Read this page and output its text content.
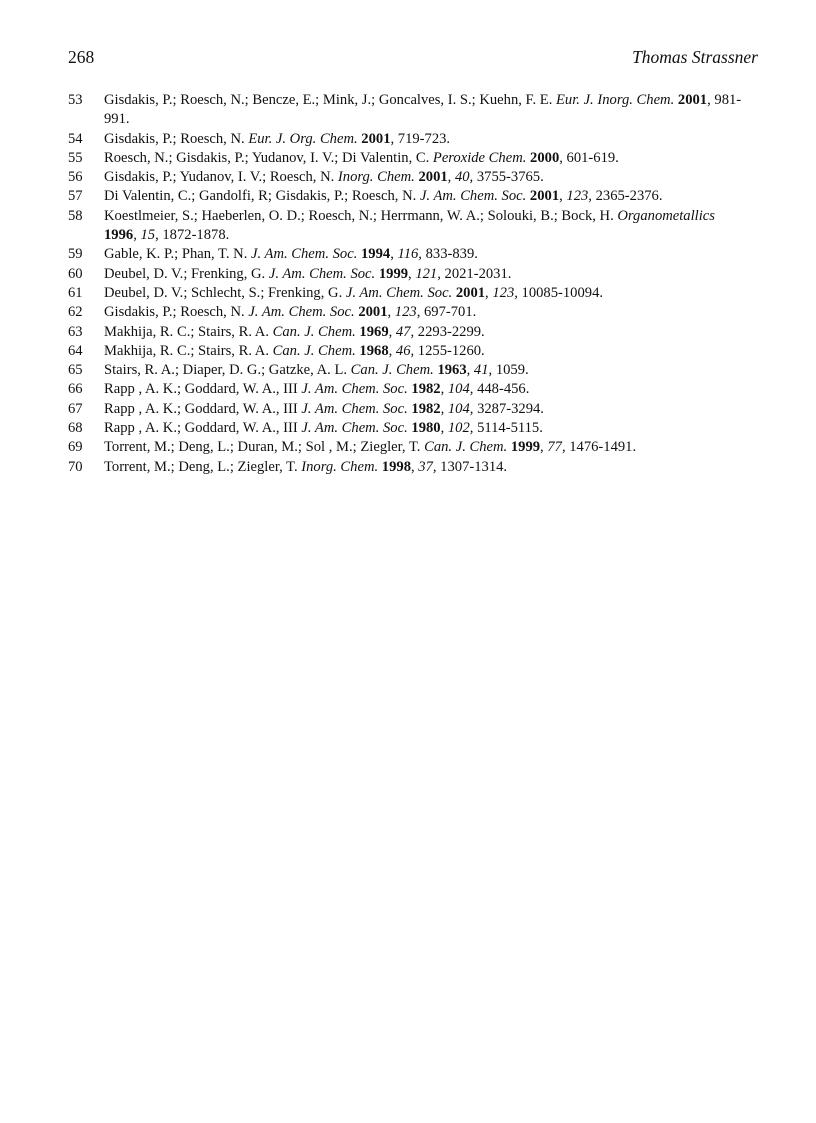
268	Thomas Strassner
53	Gisdakis, P.; Roesch, N.; Bencze, E.; Mink, J.; Goncalves, I. S.; Kuehn, F. E. Eur. J. Inorg. Chem. 2001, 981-991.
54	Gisdakis, P.; Roesch, N. Eur. J. Org. Chem. 2001, 719-723.
55	Roesch, N.; Gisdakis, P.; Yudanov, I. V.; Di Valentin, C. Peroxide Chem. 2000, 601-619.
56	Gisdakis, P.; Yudanov, I. V.; Roesch, N. Inorg. Chem. 2001, 40, 3755-3765.
57	Di Valentin, C.; Gandolfi, R; Gisdakis, P.; Roesch, N. J. Am. Chem. Soc. 2001, 123, 2365-2376.
58	Koestlmeier, S.; Haeberlen, O. D.; Roesch, N.; Herrmann, W. A.; Solouki, B.; Bock, H. Organometallics 1996, 15, 1872-1878.
59	Gable, K. P.; Phan, T. N. J. Am. Chem. Soc. 1994, 116, 833-839.
60	Deubel, D. V.; Frenking, G. J. Am. Chem. Soc. 1999, 121, 2021-2031.
61	Deubel, D. V.; Schlecht, S.; Frenking, G. J. Am. Chem. Soc. 2001, 123, 10085-10094.
62	Gisdakis, P.; Roesch, N. J. Am. Chem. Soc. 2001, 123, 697-701.
63	Makhija, R. C.; Stairs, R. A. Can. J. Chem. 1969, 47, 2293-2299.
64	Makhija, R. C.; Stairs, R. A. Can. J. Chem. 1968, 46, 1255-1260.
65	Stairs, R. A.; Diaper, D. G.; Gatzke, A. L. Can. J. Chem. 1963, 41, 1059.
66	Rapp , A. K.; Goddard, W. A., III J. Am. Chem. Soc. 1982, 104, 448-456.
67	Rapp , A. K.; Goddard, W. A., III J. Am. Chem. Soc. 1982, 104, 3287-3294.
68	Rapp , A. K.; Goddard, W. A., III J. Am. Chem. Soc. 1980, 102, 5114-5115.
69	Torrent, M.; Deng, L.; Duran, M.; Sol , M.; Ziegler, T. Can. J. Chem. 1999, 77, 1476-1491.
70	Torrent, M.; Deng, L.; Ziegler, T. Inorg. Chem. 1998, 37, 1307-1314.
